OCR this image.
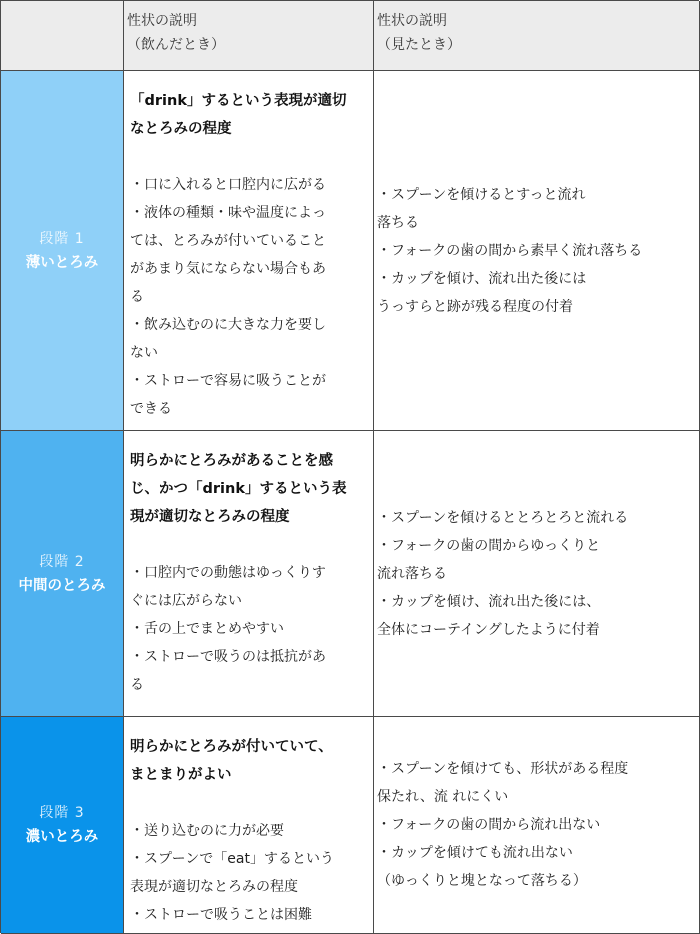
性状の説明
（飲んだとき）
性状の説明
（見たとき）
段階 1
薄いとろみ
「drink」するという表現が適切
なとろみの程度
・口に入れると口腔内に広がる
・液体の種類・味や温度によっ
ては、とろみが付いていること
があまり気にならない場合もあ
る
・飲み込むのに大きな力を要し
ない
・ストローで容易に吸うことが
できる
・スプーンを傾けるとすっと流れ
落ちる
・フォークの歯の間から素早く流れ落ちる
・カップを傾け、流れ出た後には
うっすらと跡が残る程度の付着
段階 2
中間のとろみ
明らかにとろみがあることを感
じ、かつ「drink」するという表
現が適切なとろみの程度
・口腔内での動態はゆっくりす
ぐには広がらない
・舌の上でまとめやすい
・ストローで吸うのは抵抗があ
る
・スプーンを傾けるととろとろと流れる
・フォークの歯の間からゆっくりと
流れ落ちる
・カップを傾け、流れ出た後には、
全体にコーテイングしたように付着
段階 3
濃いとろみ
明らかにとろみが付いていて、
まとまりがよい
・送り込むのに力が必要
・スプーンで「eat」するという
表現が適切なとろみの程度
・ストローで吸うことは困難
・スプーンを傾けても、形状がある程度
保たれ、流 れにくい
・フォークの歯の間から流れ出ない
・カップを傾けても流れ出ない
（ゆっくりと塊となって落ちる）
